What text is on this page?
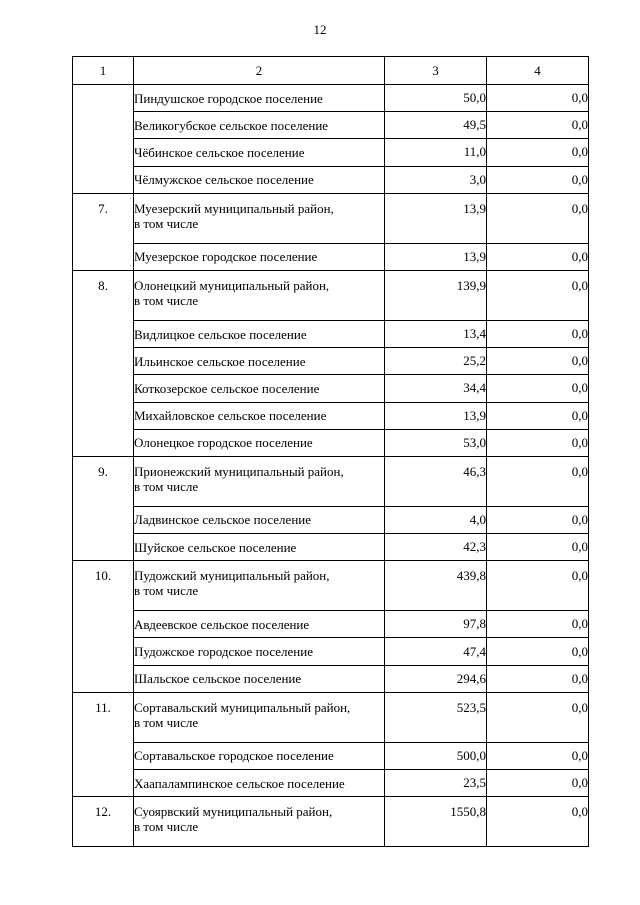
12
1	2	3	4

	Пиндушское городское поселение	50,0	0,0

	Великогубское сельское поселение	49,5	0,0

	Чёбинское сельское поселение	11,0	0,0

	Чёлмужское сельское поселение	3,0	0,0
7.	Муезерский муниципальный район,
в том числе	13,9	0,0

	Муезерское городское поселение	13,9	0,0
8.	Олонецкий муниципальный район,
в том числе	139,9	0,0

	Видлицкое сельское поселение	13,4	0,0

	Ильинское сельское поселение	25,2	0,0

	Коткозерское сельское поселение	34,4	0,0

	Михайловское сельское поселение	13,9	0,0

	Олонецкое городское поселение	53,0	0,0
9.	Прионежский муниципальный район,
в том числе	46,3	0,0

	Ладвинское сельское поселение	4,0	0,0

	Шуйское сельское поселение	42,3	0,0
10.	Пудожский муниципальный район,
в том числе	439,8	0,0

	Авдеевское сельское поселение	97,8	0,0

	Пудожское городское поселение	47,4	0,0

	Шальское сельское поселение	294,6	0,0
11.	Сортавальский муниципальный район,
в том числе	523,5	0,0

	Сортавальское городское поселение	500,0	0,0

	Хаапалампинское сельское поселение	23,5	0,0
12.	Суоярвский муниципальный район,
в том числе	1550,8	0,0
